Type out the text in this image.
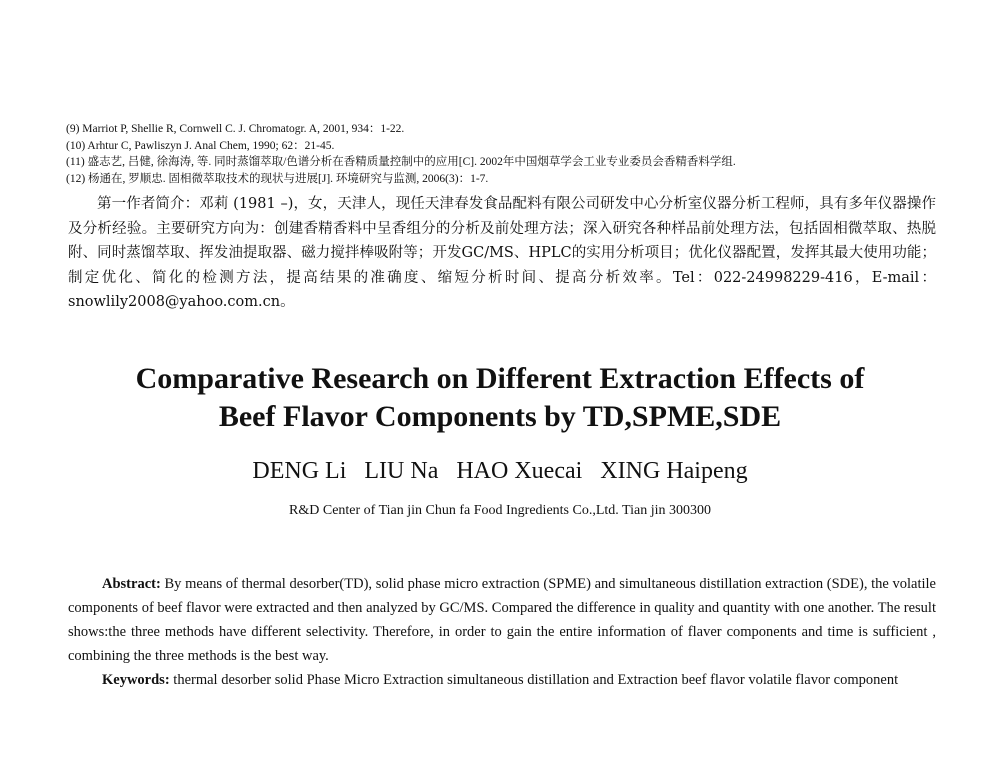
(9) Marriot P, Shellie R, Cornwell C. J. Chromatogr. A, 2001, 934：1-22.
(10) Arhtur C, Pawliszyn J. Anal Chem, 1990; 62：21-45.
(11) 盛志艺, 吕健, 徐海涛, 等. 同时蒸馏萃取/色谱分析在香精质量控制中的应用[C]. 2002年中国烟草学会工业专业委员会香精香料学组.
(12) 杨通在, 罗顺忠. 固相微萃取技术的现状与进展[J]. 环境研究与监测, 2006(3)：1-7.

第一作者简介：邓莉 (1981 –)，女，天津人，现任天津春发食品配料有限公司研发中心分析室仪器分析工程师，具有多年仪器操作及分析经验。主要研究方向为：创建香精香料中呈香组分的分析及前处理方法；深入研究各种样品前处理方法，包括固相微萃取、热脱附、同时蒸馏萃取、挥发油提取器、磁力搅拌棒吸附等；开发GC/MS、HPLC的实用分析项目；优化仪器配置，发挥其最大使用功能；制定优化、简化的检测方法，提高结果的准确度、缩短分析时间、提高分析效率。Tel：022-24998229-416，E-mail：snowlily2008@yahoo.com.cn。

Comparative Research on Different Extraction Effects of
Beef Flavor Components by TD,SPME,SDE
DENG Li LIU Na HAO Xuecai XING Haipeng
R&D Center of Tian jin Chun fa Food Ingredients Co.,Ltd. Tian jin 300300

Abstract: By means of thermal desorber(TD), solid phase micro extraction (SPME) and simultaneous distillation extraction (SDE), the volatile components of beef flavor were extracted and then analyzed by GC/MS. Compared the difference in quality and quantity with one another. The result shows:the three methods have different selectivity. Therefore, in order to gain the entire information of flaver components and time is sufficient , combining the three methods is the best way.

Keywords: thermal desorber solid Phase Micro Extraction simultaneous distillation and Extraction beef flavor volatile flavor component
